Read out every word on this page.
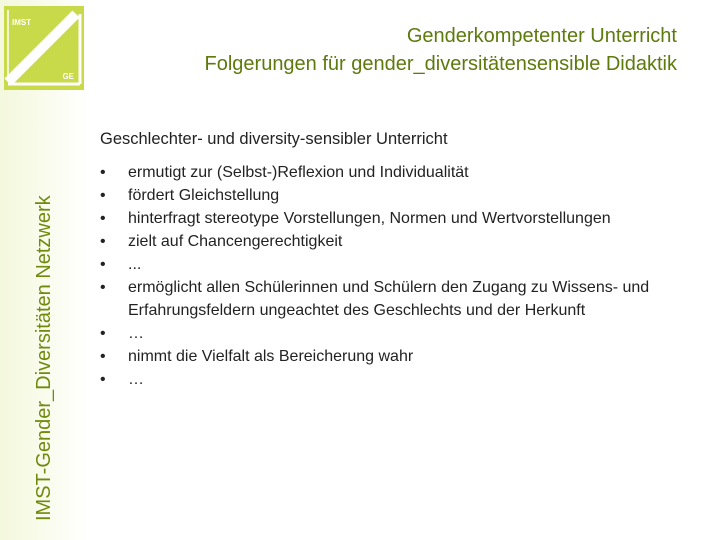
IMST
GE
IMST-Gender_Diversitäten Netzwerk
Genderkompetenter Unterricht
Folgerungen für gender_diversitätensensible Didaktik
Geschlechter- und diversity-sensibler Unterricht
• ermutigt zur (Selbst-)Reflexion und Individualität
• fördert Gleichstellung
• hinterfragt stereotype Vorstellungen, Normen und Wertvorstellungen
• zielt auf Chancengerechtigkeit
• ...
• ermöglicht allen Schülerinnen und Schülern den Zugang zu Wissens- und Erfahrungsfeldern ungeachtet des Geschlechts und der Herkunft
• …
• nimmt die Vielfalt als Bereicherung wahr
• …
